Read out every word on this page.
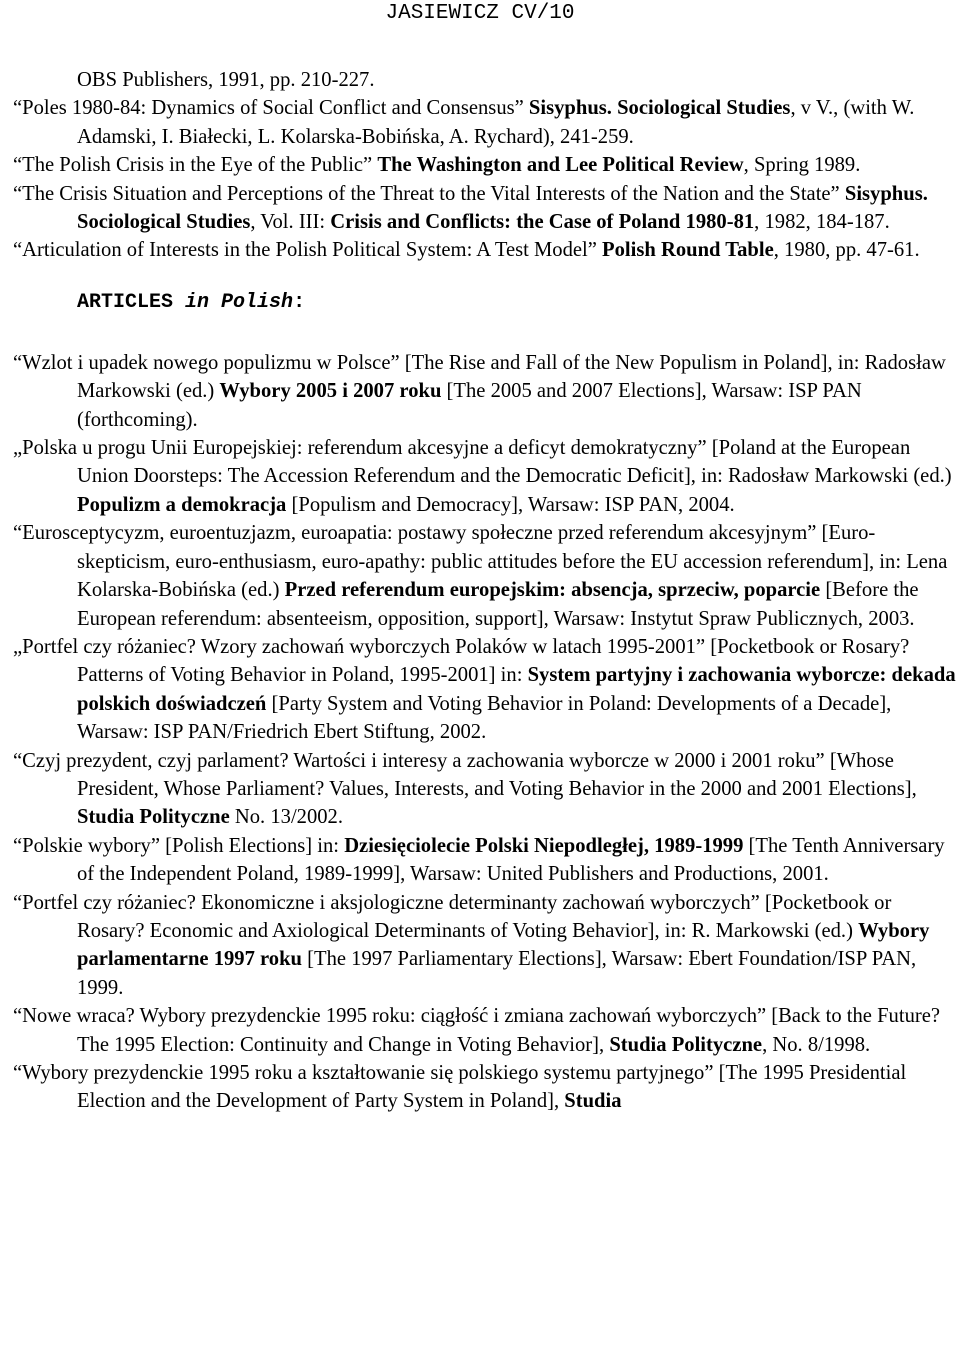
JASIEWICZ CV/10

OBS Publishers, 1991, pp. 210-227.

“Poles 1980-84: Dynamics of Social Conflict and Consensus” Sisyphus. Sociological Studies, v V., (with W. Adamski, I. Białecki, L. Kolarska-Bobińska, A. Rychard), 241-259.

“The Polish Crisis in the Eye of the Public” The Washington and Lee Political Review, Spring 1989.

“The Crisis Situation and Perceptions of the Threat to the Vital Interests of the Nation and the State” Sisyphus. Sociological Studies, Vol. III: Crisis and Conflicts: the Case of Poland 1980-81, 1982, 184-187.

“Articulation of Interests in the Polish Political System: A Test Model” Polish Round Table, 1980, pp. 47-61.

ARTICLES in Polish:

“Wzlot i upadek nowego populizmu w Polsce” [The Rise and Fall of the New Populism in Poland], in: Radosław Markowski (ed.) Wybory 2005 i 2007 roku [The 2005 and 2007 Elections], Warsaw: ISP PAN (forthcoming).

„Polska u progu Unii Europejskiej: referendum akcesyjne a deficyt demokratyczny” [Poland at the European Union Doorsteps: The Accession Referendum and the Democratic Deficit], in: Radosław Markowski (ed.) Populizm a demokracja [Populism and Democracy], Warsaw: ISP PAN, 2004.

“Eurosceptycyzm, euroentuzjazm, euroapatia: postawy społeczne przed referendum akcesyjnym” [Euro-skepticism, euro-enthusiasm, euro-apathy: public attitudes before the EU accession referendum], in: Lena Kolarska-Bobińska (ed.) Przed referendum europejskim: absencja, sprzeciw, poparcie [Before the European referendum: absenteeism, opposition, support], Warsaw: Instytut Spraw Publicznych, 2003.

„Portfel czy różaniec? Wzory zachowań wyborczych Polaków w latach 1995-2001” [Pocketbook or Rosary? Patterns of Voting Behavior in Poland, 1995-2001] in: System partyjny i zachowania wyborcze: dekada polskich doświadczeń [Party System and Voting Behavior in Poland: Developments of a Decade], Warsaw: ISP PAN/Friedrich Ebert Stiftung, 2002.

“Czyj prezydent, czyj parlament? Wartości i interesy a zachowania wyborcze w 2000 i 2001 roku” [Whose President, Whose Parliament? Values, Interests, and Voting Behavior in the 2000 and 2001 Elections], Studia Polityczne No. 13/2002.

“Polskie wybory” [Polish Elections] in: Dziesięciolecie Polski Niepodległej, 1989-1999 [The Tenth Anniversary of the Independent Poland, 1989-1999], Warsaw: United Publishers and Productions, 2001.

“Portfel czy różaniec? Ekonomiczne i aksjologiczne determinanty zachowań wyborczych” [Pocketbook or Rosary? Economic and Axiological Determinants of Voting Behavior], in: R. Markowski (ed.) Wybory parlamentarne 1997 roku [The 1997 Parliamentary Elections], Warsaw: Ebert Foundation/ISP PAN, 1999.

“Nowe wraca? Wybory prezydenckie 1995 roku: ciągłość i zmiana zachowań wyborczych” [Back to the Future? The 1995 Election: Continuity and Change in Voting Behavior], Studia Polityczne, No. 8/1998.

“Wybory prezydenckie 1995 roku a kształtowanie się polskiego systemu partyjnego” [The 1995 Presidential Election and the Development of Party System in Poland], Studia
